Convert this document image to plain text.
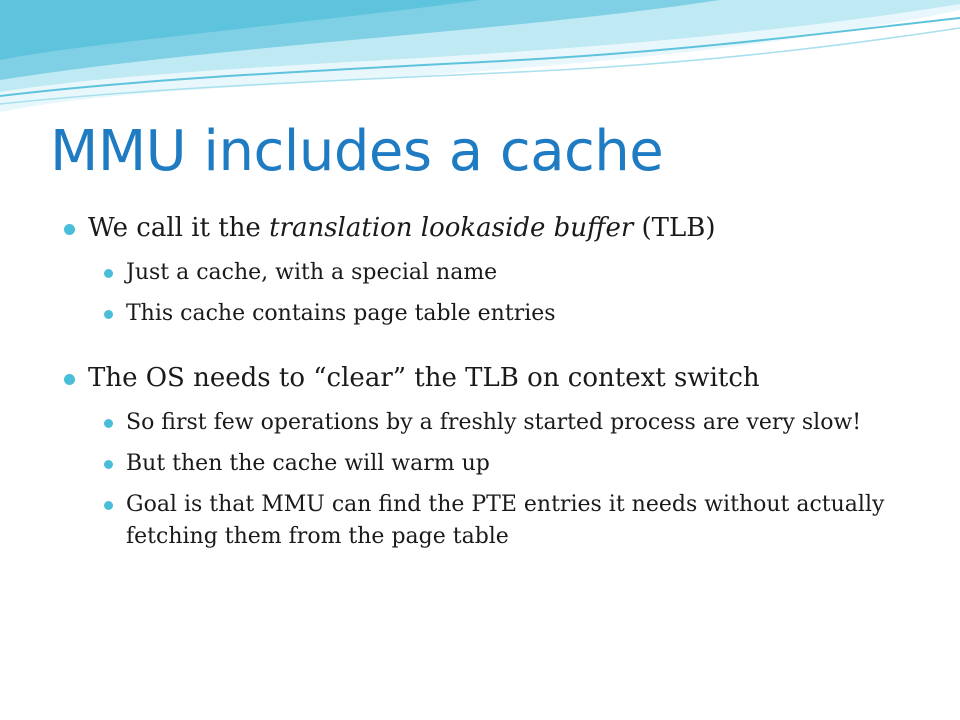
MMU includes a cache
We call it the translation lookaside buffer (TLB)
Just a cache, with a special name
This cache contains page table entries
The OS needs to “clear” the TLB on context switch
So first few operations by a freshly started process are very slow!
But then the cache will warm up
Goal is that MMU can find the PTE entries it needs without actually fetching them from the page table
